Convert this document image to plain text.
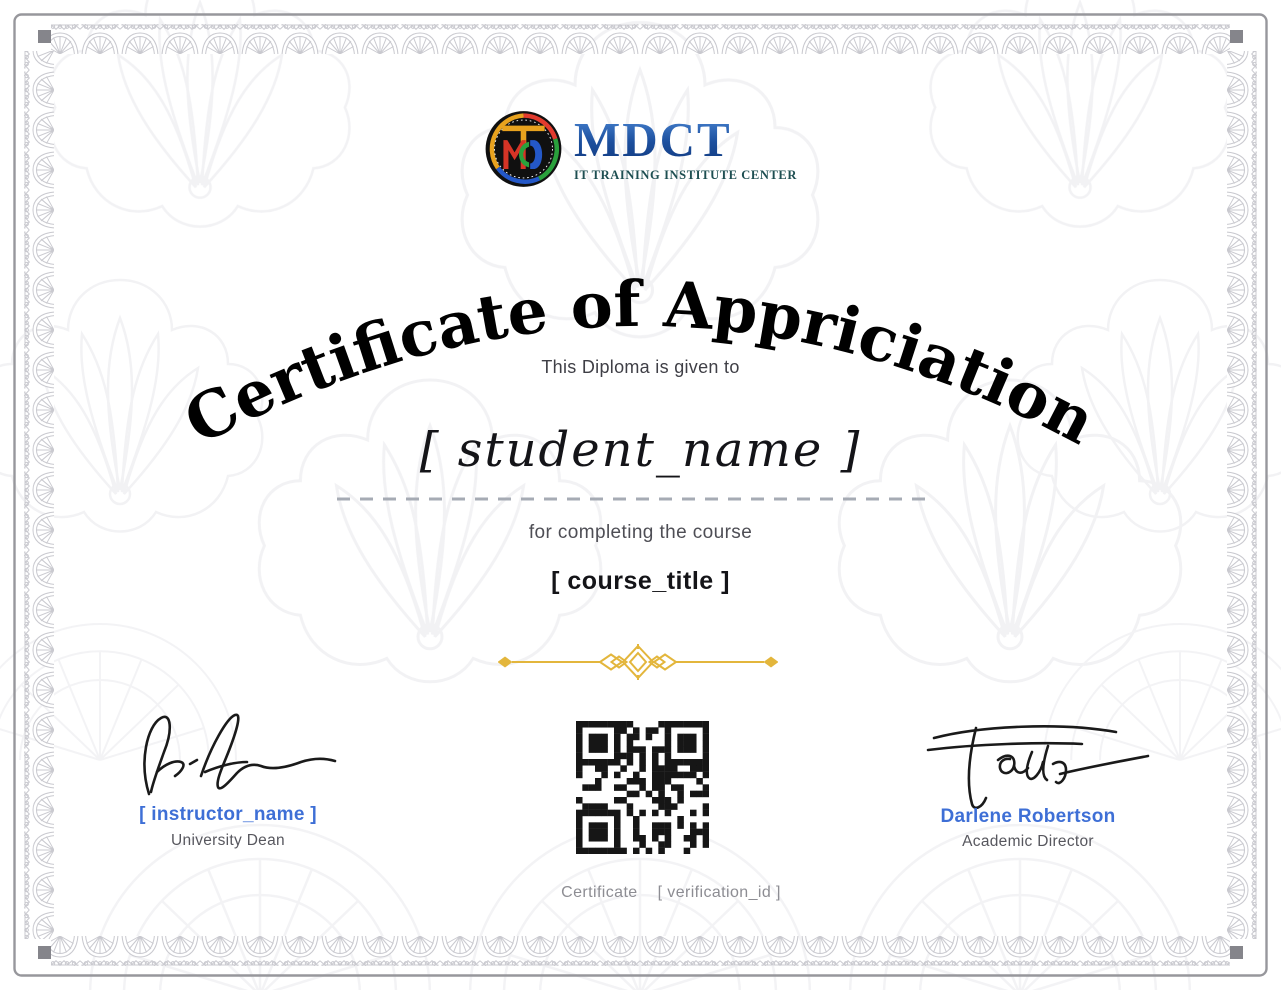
MDCT
IT TRAINING INSTITUTE CENTER
Certificate of Appriciation
This Diploma is given to
[ student_name ]
for completing the course
[ course_title ]
[ instructor_name ]
University Dean
Darlene Robertson
Academic Director
Certificate [ verification_id ]
